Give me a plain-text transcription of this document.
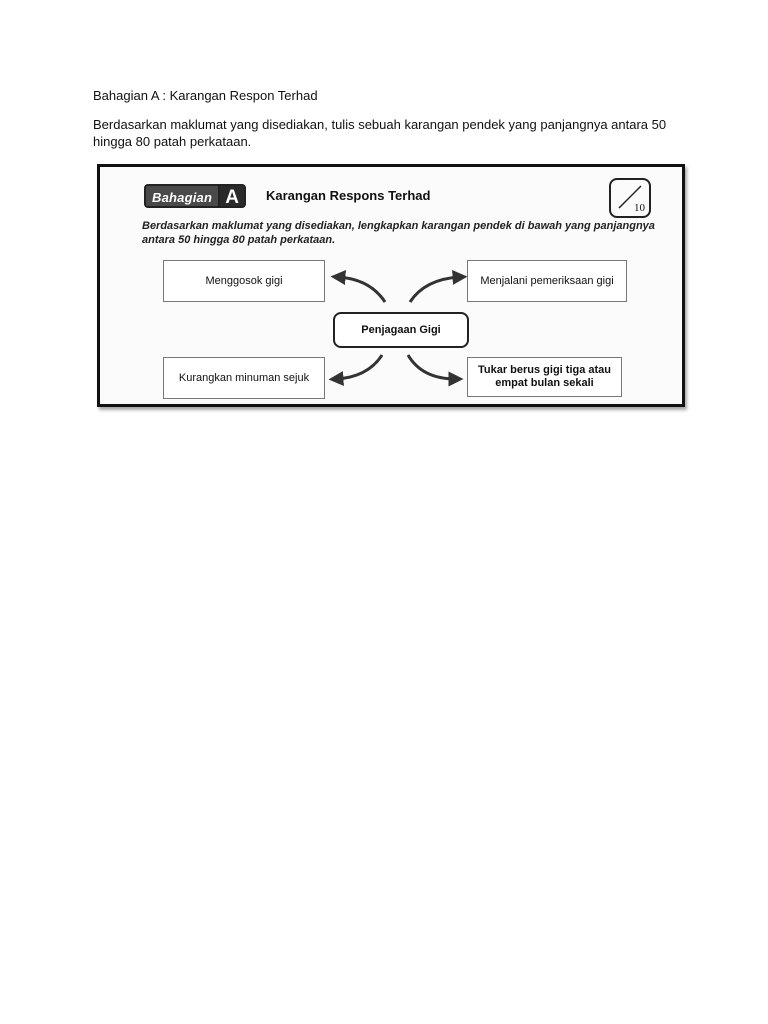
Bahagian A : Karangan Respon Terhad
Berdasarkan maklumat yang disediakan, tulis sebuah karangan pendek yang panjangnya antara 50 hingga 80 patah perkataan.
Bahagian A	Karangan Respons Terhad
10
Berdasarkan maklumat yang disediakan, lengkapkan karangan pendek di bawah yang panjangnya antara 50 hingga 80 patah perkataan.
Menggosok gigi	Menjalani pemeriksaan gigi
Kurangkan minuman sejuk
Tukar berus gigi tiga atau empat bulan sekali
Penjagaan Gigi
